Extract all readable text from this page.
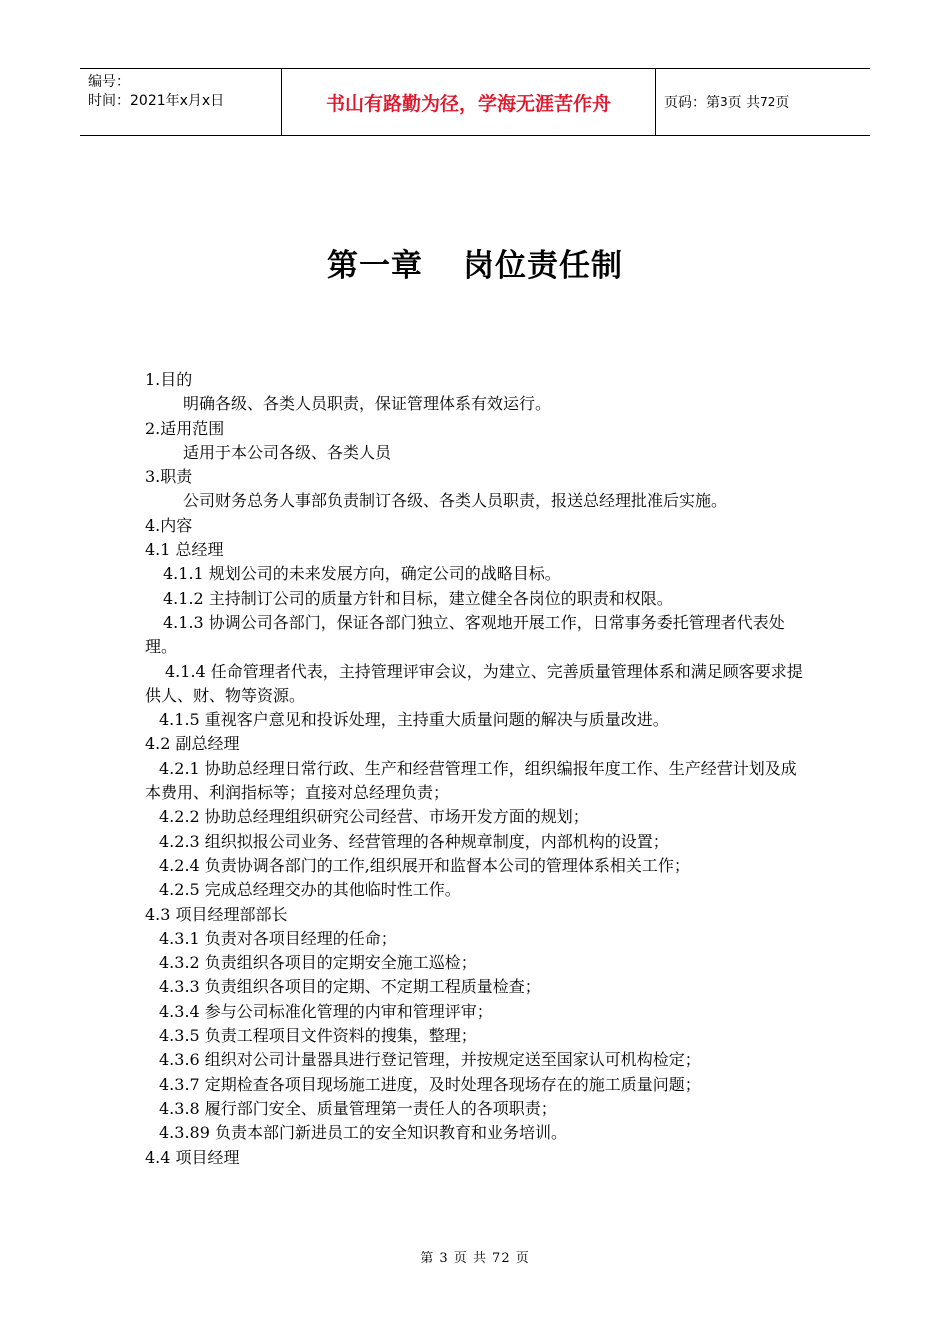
编号：
时间：2021年x月x日	书山有路勤为径，学海无涯苦作舟	页码：第 3 页 共 72 页
第一章 岗位责任制

1.目的

明确各级、各类人员职责，保证管理体系有效运行。

2.适用范围

适用于本公司各级、各类人员

3.职责

公司财务总务人事部负责制订各级、各类人员职责，报送总经理批准后实施。

4.内容

4.1 总经理

4.1.1 规划公司的未来发展方向，确定公司的战略目标。

4.1.2 主持制订公司的质量方针和目标，建立健全各岗位的职责和权限。

4.1.3 协调公司各部门，保证各部门独立、客观地开展工作，日常事务委托管理者代表处理。

4.1.4 任命管理者代表，主持管理评审会议，为建立、完善质量管理体系和满足顾客要求提供人、财、物等资源。

4.1.5 重视客户意见和投诉处理，主持重大质量问题的解决与质量改进。

4.2 副总经理

4.2.1 协助总经理日常行政、生产和经营管理工作，组织编报年度工作、生产经营计划及成本费用、利润指标等；直接对总经理负责；

4.2.2 协助总经理组织研究公司经营、市场开发方面的规划；

4.2.3 组织拟报公司业务、经营管理的各种规章制度，内部机构的设置；

4.2.4 负责协调各部门的工作,组织展开和监督本公司的管理体系相关工作；

4.2.5 完成总经理交办的其他临时性工作。

4.3 项目经理部部长

4.3.1 负责对各项目经理的任命；

4.3.2 负责组织各项目的定期安全施工巡检；

4.3.3 负责组织各项目的定期、不定期工程质量检查；

4.3.4 参与公司标准化管理的内审和管理评审；

4.3.5 负责工程项目文件资料的搜集，整理；

4.3.6 组织对公司计量器具进行登记管理，并按规定送至国家认可机构检定；

4.3.7 定期检查各项目现场施工进度，及时处理各现场存在的施工质量问题；

4.3.8 履行部门安全、质量管理第一责任人的各项职责；

4.3.89 负责本部门新进员工的安全知识教育和业务培训。

4.4 项目经理

第 3 页 共 72 页
